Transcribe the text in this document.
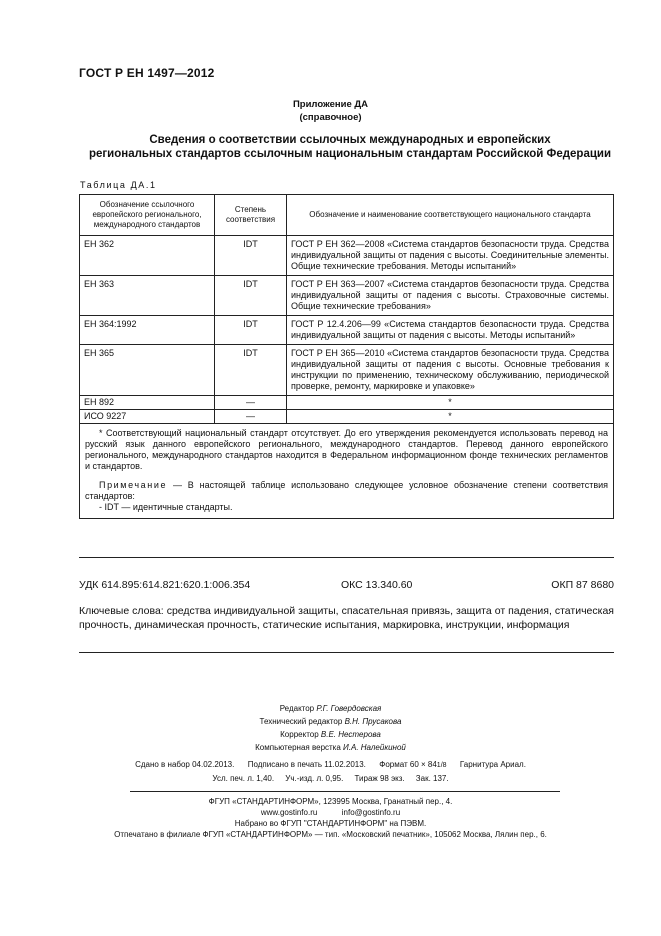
ГОСТ Р ЕН 1497—2012
Приложение ДА
(справочное)
Сведения о соответствии ссылочных международных и европейских
региональных стандартов ссылочным национальным стандартам Российской Федерации
Таблица ДА.1
Обозначение ссылочного европейского регионального, международного стандартов	Степень соответствия	Обозначение и наименование соответствующего национального стандарта
ЕН 362	IDT	ГОСТ Р ЕН 362—2008 «Система стандартов безопасности труда. Средства индивидуальной защиты от падения с высоты. Соединительные элементы. Общие технические требования. Методы испытаний»
ЕН 363	IDT	ГОСТ Р ЕН 363—2007 «Система стандартов безопасности труда. Средства индивидуальной защиты от падения с высоты. Страховочные системы. Общие технические требования»
ЕН 364:1992	IDT	ГОСТ Р 12.4.206—99 «Система стандартов безопасности труда. Средства индивидуальной защиты от падения с высоты. Методы испытаний»
ЕН 365	IDT	ГОСТ Р ЕН 365—2010 «Система стандартов безопасности труда. Средства индивидуальной защиты от падения с высоты. Основные требования к инструкции по применению, техническому обслуживанию, периодической проверке, ремонту, маркировке и упаковке»
ЕН 892	—	*
ИСО 9227	—	*

* Соответствующий национальный стандарт отсутствует. До его утверждения рекомендуется использовать перевод на русский язык данного европейского регионального, международного стандартов. Перевод данного европейского регионального, международного стандартов находится в Федеральном информационном фонде технических регламентов и стандартов.

Примечание — В настоящей таблице использовано следующее условное обозначение степени соответствия стандартов:

- IDT — идентичные стандарты.		

УДК 614.895:614.821:620.1:006.354	ОКС 13.340.60	ОКП 87 8680
Ключевые слова: средства индивидуальной защиты, спасательная привязь, защита от падения, статическая прочность, динамическая прочность, статические испытания, маркировка, инструкции, информация
Редактор Р.Г. Говердовская
Технический редактор В.Н. Прусакова
Корректор В.Е. Нестерова
Компьютерная верстка И.А. Налейкиной
Сдано в набор 04.02.2013. Подписано в печать 11.02.2013. Формат 60 × 841/8 Гарнитура Ариал.
Усл. печ. л. 1,40. Уч.-изд. л. 0,95. Тираж 98 экз. Зак. 137.
ФГУП «СТАНДАРТИНФОРМ», 123995 Москва, Гранатный пер., 4.
www.gostinfo.ru	info@gostinfo.ru
Набрано во ФГУП "СТАНДАРТИНФОРМ" на ПЭВМ.
Отпечатано в филиале ФГУП «СТАНДАРТИНФОРМ» — тип. «Московский печатник», 105062 Москва, Лялин пер., 6.
